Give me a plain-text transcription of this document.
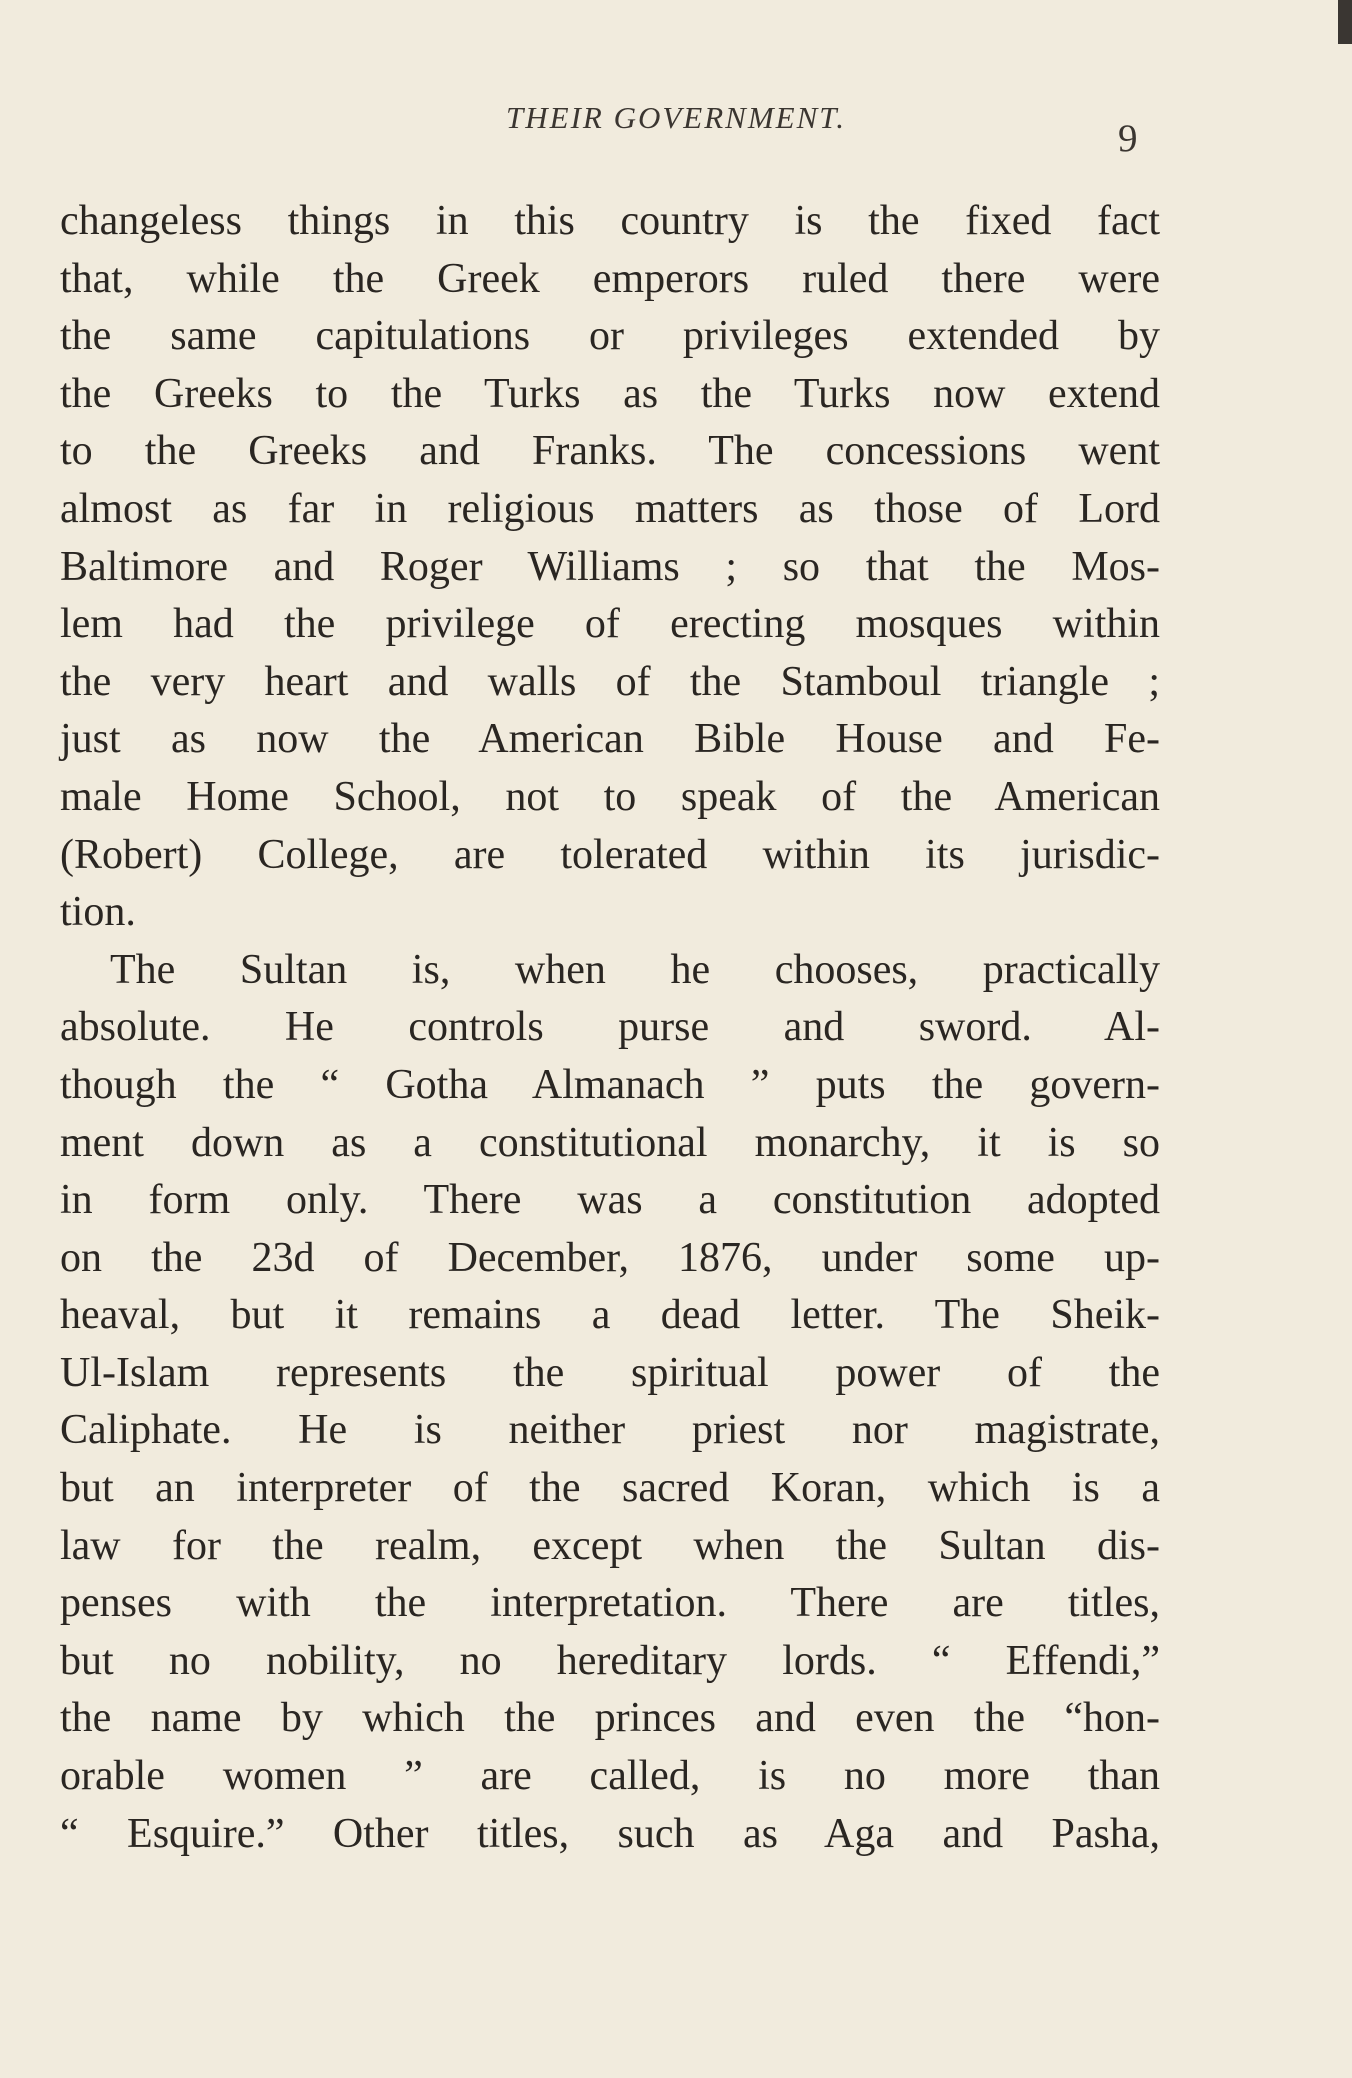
THEIR GOVERNMENT.	9
changeless things in this country is the fixed fact
that, while the Greek emperors ruled there were
the same capitulations or privileges extended by
the Greeks to the Turks as the Turks now extend
to the Greeks and Franks. The concessions went
almost as far in religious matters as those of Lord
Baltimore and Roger Williams ; so that the Mos-
lem had the privilege of erecting mosques within
the very heart and walls of the Stamboul triangle ;
just as now the American Bible House and Fe-
male Home School, not to speak of the American
(Robert) College, are tolerated within its jurisdic-
tion.
The Sultan is, when he chooses, practically
absolute. He controls purse and sword. Al-
though the “ Gotha Almanach ” puts the govern-
ment down as a constitutional monarchy, it is so
in form only. There was a constitution adopted
on the 23d of December, 1876, under some up-
heaval, but it remains a dead letter. The Sheik-
Ul-Islam represents the spiritual power of the
Caliphate. He is neither priest nor magistrate,
but an interpreter of the sacred Koran, which is a
law for the realm, except when the Sultan dis-
penses with the interpretation. There are titles,
but no nobility, no hereditary lords. “ Effendi,”
the name by which the princes and even the “hon-
orable women ” are called, is no more than
“ Esquire.” Other titles, such as Aga and Pasha,
